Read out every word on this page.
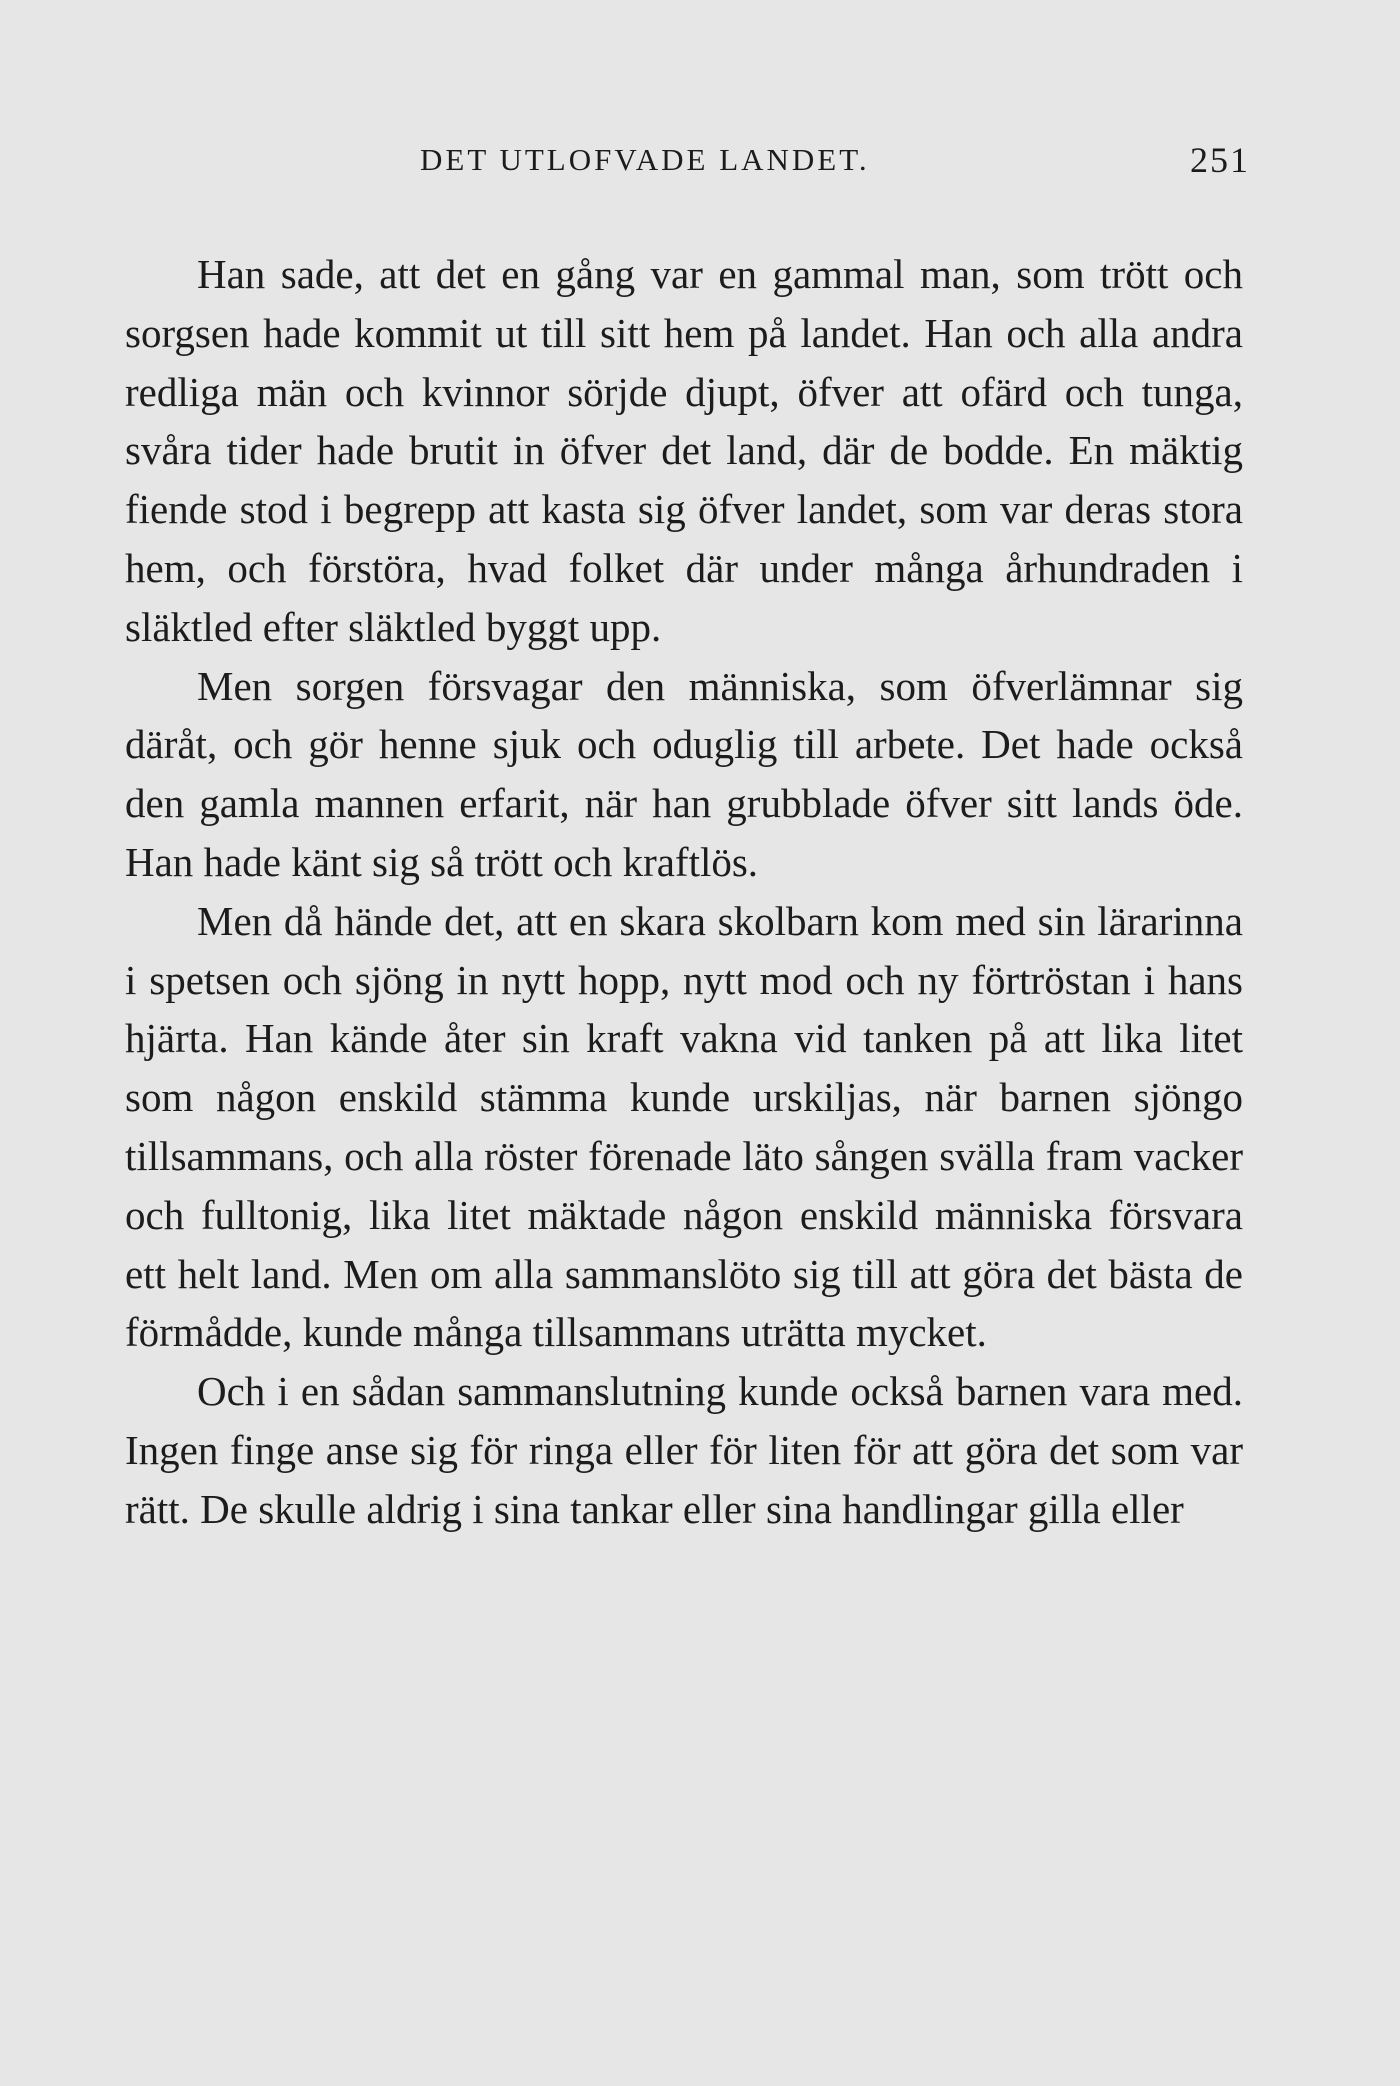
DET UTLOFVADE LANDET.	251

Han sade, att det en gång var en gammal man, som trött och sorgsen hade kommit ut till sitt hem på landet. Han och alla andra redliga män och kvinnor sörjde djupt, öfver att ofärd och tunga, svåra tider hade brutit in öfver det land, där de bodde. En mäktig fiende stod i begrepp att kasta sig öfver landet, som var deras stora hem, och förstöra, hvad folket där under många århundraden i släktled efter släktled byggt upp.

Men sorgen försvagar den människa, som öfverlämnar sig däråt, och gör henne sjuk och oduglig till arbete. Det hade också den gamla mannen erfarit, när han grubblade öfver sitt lands öde. Han hade känt sig så trött och kraftlös.

Men då hände det, att en skara skolbarn kom med sin lärarinna i spetsen och sjöng in nytt hopp, nytt mod och ny förtröstan i hans hjärta. Han kände åter sin kraft vakna vid tanken på att lika litet som någon enskild stämma kunde urskiljas, när barnen sjöngo tillsammans, och alla röster förenade läto sången svälla fram vacker och fulltonig, lika litet mäktade någon enskild människa försvara ett helt land. Men om alla sammanslöto sig till att göra det bästa de förmådde, kunde många tillsammans uträtta mycket.

Och i en sådan sammanslutning kunde också barnen vara med. Ingen finge anse sig för ringa eller för liten för att göra det som var rätt. De skulle aldrig i sina tankar eller sina handlingar gilla eller
